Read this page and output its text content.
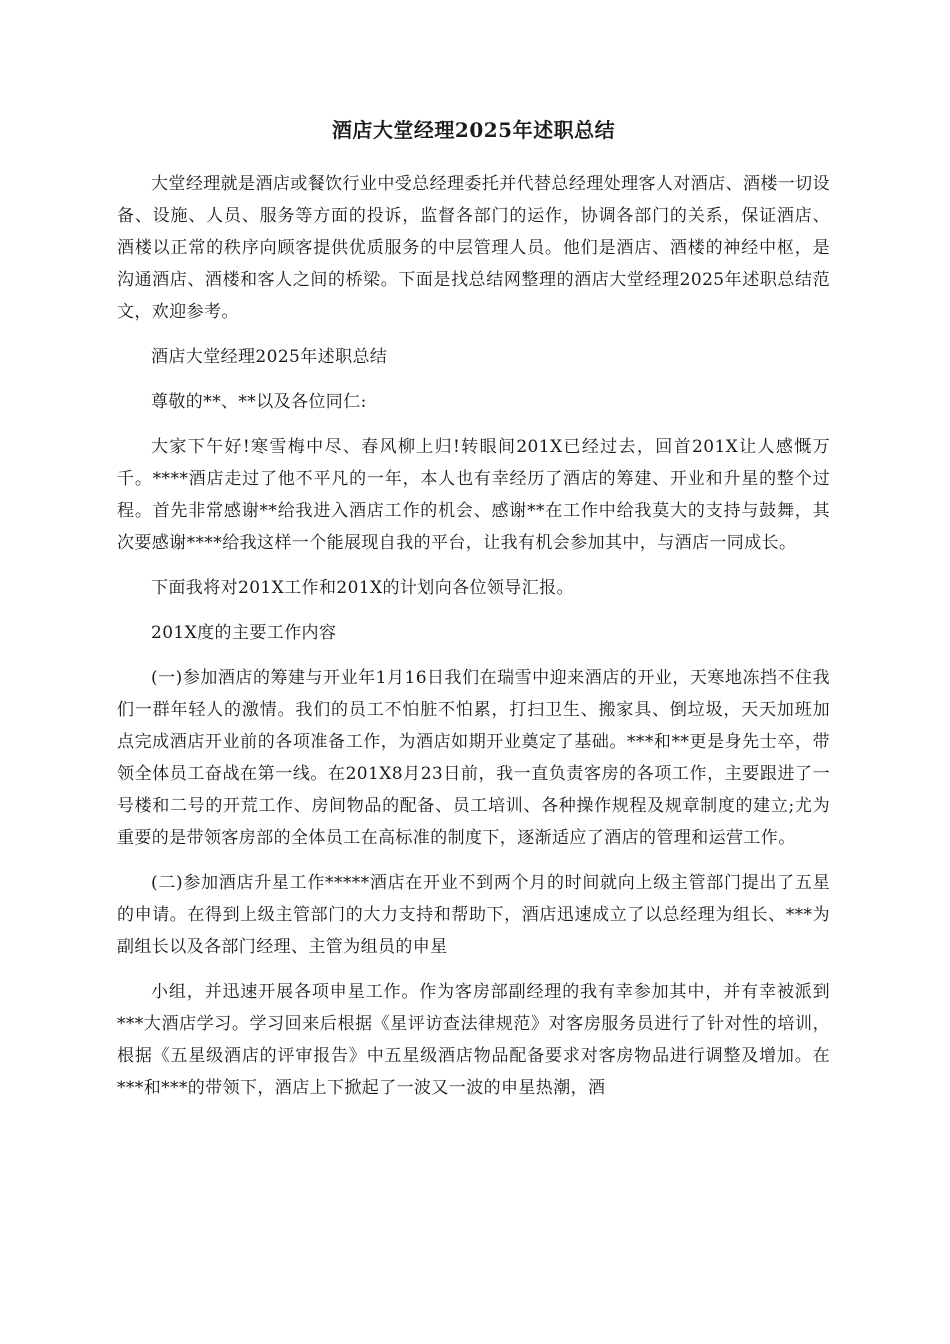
酒店大堂经理2025年述职总结

大堂经理就是酒店或餐饮行业中受总经理委托并代替总经理处理客人对酒店、酒楼一切设备、设施、人员、服务等方面的投诉，监督各部门的运作，协调各部门的关系，保证酒店、酒楼以正常的秩序向顾客提供优质服务的中层管理人员。他们是酒店、酒楼的神经中枢，是沟通酒店、酒楼和客人之间的桥梁。下面是找总结网整理的酒店大堂经理2025年述职总结范文，欢迎参考。

酒店大堂经理2025年述职总结

尊敬的**、**以及各位同仁:

大家下午好!寒雪梅中尽、春风柳上归!转眼间201X已经过去，回首201X让人感慨万千。****酒店走过了他不平凡的一年，本人也有幸经历了酒店的筹建、开业和升星的整个过程。首先非常感谢**给我进入酒店工作的机会、感谢**在工作中给我莫大的支持与鼓舞，其次要感谢****给我这样一个能展现自我的平台，让我有机会参加其中，与酒店一同成长。

下面我将对201X工作和201X的计划向各位领导汇报。

201X度的主要工作内容

(一)参加酒店的筹建与开业年1月16日我们在瑞雪中迎来酒店的开业，天寒地冻挡不住我们一群年轻人的激情。我们的员工不怕脏不怕累，打扫卫生、搬家具、倒垃圾，天天加班加点完成酒店开业前的各项准备工作，为酒店如期开业奠定了基础。***和**更是身先士卒，带领全体员工奋战在第一线。在201X8月23日前，我一直负责客房的各项工作，主要跟进了一号楼和二号的开荒工作、房间物品的配备、员工培训、各种操作规程及规章制度的建立;尤为重要的是带领客房部的全体员工在高标准的制度下，逐渐适应了酒店的管理和运营工作。

(二)参加酒店升星工作*****酒店在开业不到两个月的时间就向上级主管部门提出了五星的申请。在得到上级主管部门的大力支持和帮助下，酒店迅速成立了以总经理为组长、***为副组长以及各部门经理、主管为组员的申星

小组，并迅速开展各项申星工作。作为客房部副经理的我有幸参加其中，并有幸被派到***大酒店学习。学习回来后根据《星评访查法律规范》对客房服务员进行了针对性的培训，根据《五星级酒店的评审报告》中五星级酒店物品配备要求对客房物品进行调整及增加。在***和***的带领下，酒店上下掀起了一波又一波的申星热潮，酒
